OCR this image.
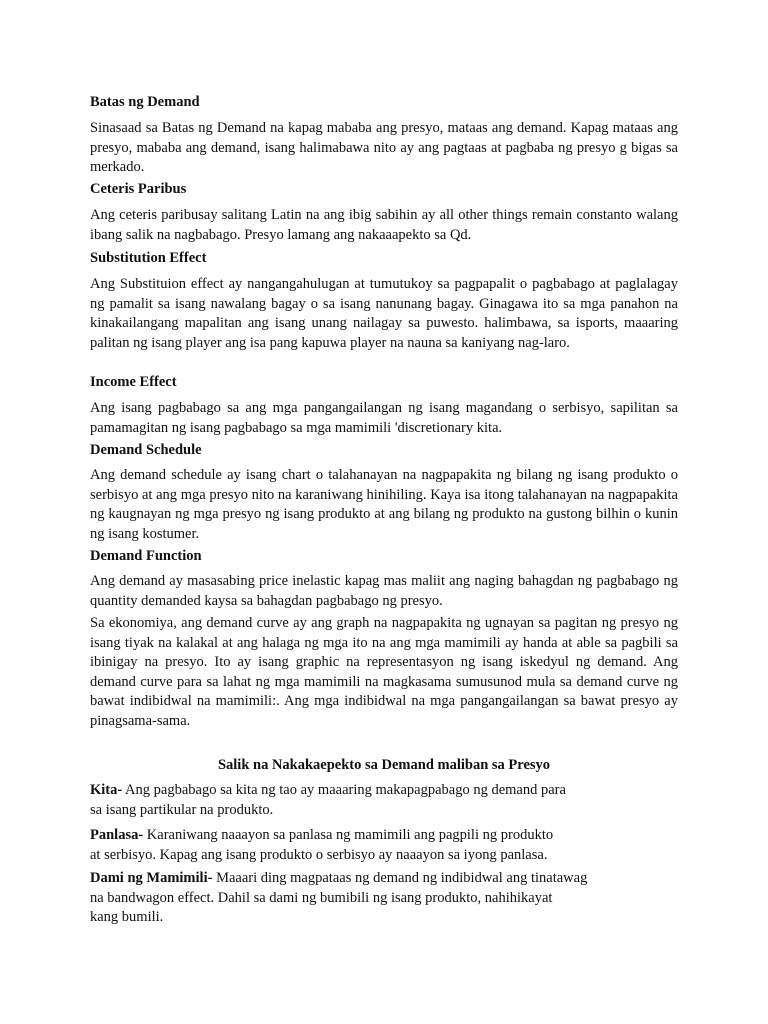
Batas ng Demand

Sinasaad sa Batas ng Demand na kapag mababa ang presyo, mataas ang demand. Kapag mataas ang presyo, mababa ang demand, isang halimabawa nito ay ang pagtaas at pagbaba ng presyo g bigas sa merkado.

Ceteris Paribus

Ang ceteris paribusay salitang Latin na ang ibig sabihin ay all other things remain constanto walang ibang salik na nagbabago. Presyo lamang ang nakaaapekto sa Qd.

Substitution Effect

Ang Substituion effect ay nangangahulugan at tumutukoy sa pagpapalit o pagbabago at paglalagay ng pamalit sa isang nawalang bagay o sa isang nanunang bagay. Ginagawa ito sa mga panahon na kinakailangang mapalitan ang isang unang nailagay sa puwesto. halimbawa, sa isports, maaaring palitan ng isang player ang isa pang kapuwa player na nauna sa kaniyang nag-laro.

Income Effect

Ang isang pagbabago sa ang mga pangangailangan ng isang magandang o serbisyo, sapilitan sa pamamagitan ng isang pagbabago sa mga mamimili 'discretionary kita.

Demand Schedule

Ang demand schedule ay isang chart o talahanayan na nagpapakita ng bilang ng isang produkto o serbisyo at ang mga presyo nito na karaniwang hinihiling. Kaya isa itong talahanayan na nagpapakita ng kaugnayan ng mga presyo ng isang produkto at ang bilang ng produkto na gustong bilhin o kunin ng isang kostumer.

Demand Function

Ang demand ay masasabing price inelastic kapag mas maliit ang naging bahagdan ng pagbabago ng quantity demanded kaysa sa bahagdan pagbabago ng presyo.

Sa ekonomiya, ang demand curve ay ang graph na nagpapakita ng ugnayan sa pagitan ng presyo ng isang tiyak na kalakal at ang halaga ng mga ito na ang mga mamimili ay handa at able sa pagbili sa ibinigay na presyo. Ito ay isang graphic na representasyon ng isang iskedyul ng demand. Ang demand curve para sa lahat ng mga mamimili na magkasama sumusunod mula sa demand curve ng bawat indibidwal na mamimili:. Ang mga indibidwal na mga pangangailangan sa bawat presyo ay pinagsama-sama.

Salik na Nakakaepekto sa Demand maliban sa Presyo

Kita- Ang pagbabago sa kita ng tao ay maaaring makapagpabago ng demand para
sa isang partikular na produkto.

Panlasa- Karaniwang naaayon sa panlasa ng mamimili ang pagpili ng produkto
at serbisyo. Kapag ang isang produkto o serbisyo ay naaayon sa iyong panlasa.

Dami ng Mamimili- Maaari ding magpataas ng demand ng indibidwal ang tinatawag
na bandwagon effect. Dahil sa dami ng bumibili ng isang produkto, nahihikayat
kang bumili.
